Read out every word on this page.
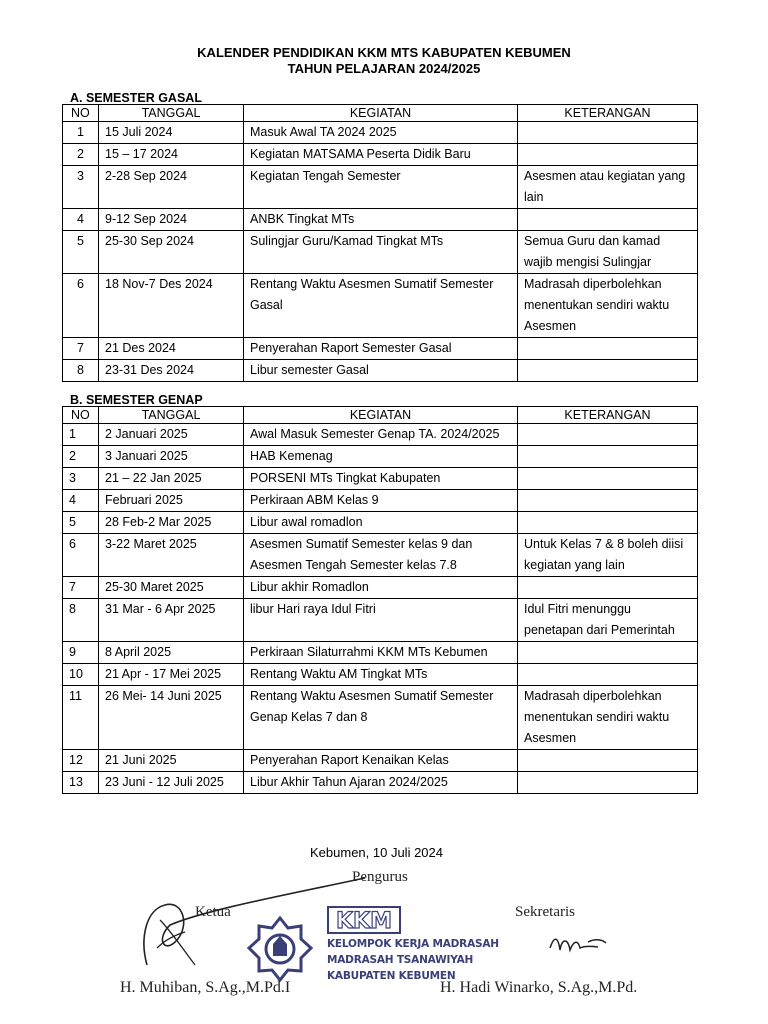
KALENDER PENDIDIKAN KKM MTS KABUPATEN KEBUMEN
TAHUN PELAJARAN 2024/2025
A. SEMESTER GASAL
NO	TANGGAL	KEGIATAN	KETERANGAN
1	15 Juli 2024	Masuk Awal TA 2024 2025	
2	15 – 17 2024	Kegiatan MATSAMA Peserta Didik Baru	
3	2-28 Sep 2024	Kegiatan Tengah Semester	Asesmen atau kegiatan yang lain
4	9-12 Sep 2024	ANBK Tingkat MTs	
5	25-30 Sep 2024	Sulingjar Guru/Kamad Tingkat MTs	Semua Guru dan kamad wajib mengisi Sulingjar
6	18 Nov-7 Des 2024	Rentang Waktu Asesmen Sumatif Semester Gasal	Madrasah diperbolehkan menentukan sendiri waktu Asesmen
7	21 Des 2024	Penyerahan Raport Semester Gasal	
8	23-31 Des 2024	Libur semester Gasal	
B. SEMESTER GENAP
NO	TANGGAL	KEGIATAN	KETERANGAN
1	2 Januari 2025	Awal Masuk Semester Genap TA. 2024/2025	
2	3 Januari 2025	HAB Kemenag	
3	21 – 22 Jan 2025	PORSENI MTs Tingkat Kabupaten	
4	Februari 2025	Perkiraan ABM Kelas 9	
5	28 Feb-2 Mar 2025	Libur awal romadlon	
6	3-22 Maret 2025	Asesmen Sumatif Semester kelas 9 dan Asesmen Tengah Semester kelas 7.8	Untuk Kelas 7 & 8 boleh diisi kegiatan yang lain
7	25-30 Maret 2025	Libur akhir Romadlon	
8	31 Mar - 6 Apr 2025	libur Hari raya Idul Fitri	Idul Fitri menunggu penetapan dari Pemerintah
9	8 April 2025	Perkiraan Silaturrahmi KKM MTs Kebumen	
10	21 Apr - 17 Mei 2025	Rentang Waktu AM Tingkat MTs	
11	26 Mei- 14 Juni 2025	Rentang Waktu Asesmen Sumatif Semester Genap Kelas 7 dan 8	Madrasah diperbolehkan menentukan sendiri waktu Asesmen
12	21 Juni 2025	Penyerahan Raport Kenaikan Kelas	
13	23 Juni - 12 Juli 2025	Libur Akhir Tahun Ajaran 2024/2025	
Kebumen, 10 Juli 2024
Pengurus
Ketua	Sekretaris
KKM
KELOMPOK KERJA MADRASAH
MADRASAH TSANAWIYAH
KABUPATEN KEBUMEN
H. Muhiban, S.Ag.,M.Pd.I	H. Hadi Winarko, S.Ag.,M.Pd.
